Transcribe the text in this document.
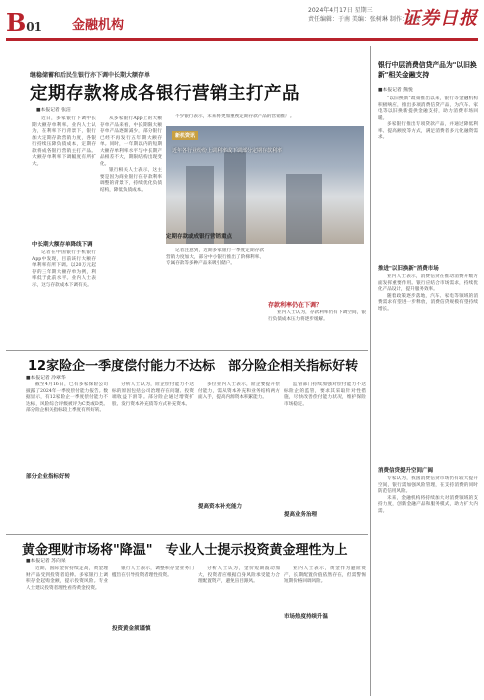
B01 金融机构
2024年4月17日 星期三
责任编辑：于南 美编：张树琳 制作：李波
证券日报
继稳储蓄和后民生银行亦下调中长期大额存单
定期存款将成各银行营销主打产品
■本报记者 张洁

近日，多家银行下调中长期大额存单利率。业内人士认为，在利率下行背景下，银行加大定期存款营销力度，各银行持续压降负债成本，定期存款将成各银行营销主打产品。大额存单利率下调幅度有所扩大。

中长期大额存单降线下调

记者在中国银行手机银行App中发现，目前该行大额存单利率有所下调。以20万元起存的三年期大额存单为例，利率低于此前水平。业内人士表示，这与存款成本下调有关。

从多家银行App上的大额存单产品来看，中长期限大额存单产品逐渐减少，部分银行已经不再发行五年期大额存单。同时，一年期以内的短期大额存单利率水平与中长期产品相差不大，期限结构出现变化。

银行相关人士表示，这主要是因为商业银行在存款利率调整的背景下，持续优化负债结构，降低负债成本。

新机资讯
近年各行业纷纷上调利率或下调部分定期存款利率

不少银行表示，未来将更加重视定期存款产品的营销推广。

记者注意到，近期多家银行一季度定期存款营销力度加大，部分中小银行推出了阶梯利率、专属存款等多种产品来吸引储户。

定期存款或成银行营销重点
存款利率仍在下调？

业内人士认为，存款利率仍有下调空间，银行负债成本压力将逐步缓解。

12家险企一季度偿付能力不达标　部分险企相关指标好转
■本报记者 冷翠华

截至4月16日，已有多家保险公司披露了2024年一季度偿付能力报告。数据显示，有12家险企一季度偿付能力不达标，风险综合评级被评为C类或D类。部分险企相关指标较上季度有所好转。

部分企业指标好转

分析人士认为，险企偿付能力不达标的原因包括公司治理存在问题、投资端收益下滑等。部分险企通过增资扩股、发行资本补充债等方式补充资本。

提高资本补充能力

多位业内人士表示，险企要提升偿付能力，需从资本补充和业务结构两方面入手，提高内源资本积累能力。

监管部门持续加强对偿付能力不达标险企的监管，要求其采取针对性措施，尽快改善偿付能力状况，维护保险市场稳定。

提高业务治理
黄金理财市场将"降温"　专业人士提示投资黄金理性为上
■本报记者 苏向杲

近期，国际金价持续走高，黄金理财产品受到投资者追捧。多家银行上调积存金起购金额，提示投资风险。专业人士建议投资者理性看待黄金投资。

投资黄金须谨慎

银行人士表示，调整积存金业务门槛旨在引导投资者理性投资。

分析人士认为，金价短期波动加大，投资者应根据自身风险承受能力合理配置资产，避免盲目跟风。

市场热度持续升温

业内人士表示，黄金作为避险资产，长期配置价值依然存在，但需警惕短期价格回调风险。

银行中层消费信贷产品为"以旧换新"相关金融支持
■本报记者 熊悦

"以旧换新"政策推出以来，银行等金融机构积极响应，推出多项消费信贷产品，为汽车、家电等以旧换新提供金融支持，助力消费市场回暖。

多家银行推出专项贷款产品，并通过降低利率、提高额度等方式，满足消费者多元化融资需求。

推进"以旧换新"消费市场

业内人士表示，消费信贷在推动消费升级方面发挥重要作用。银行应结合市场需求，持续优化产品设计，提升服务效率。

随着政策逐步落地，汽车、家电等领域的消费需求有望进一步释放，消费信贷规模有望持续增长。

消费信贷提升空间广阔

专家认为，我国消费信贷市场仍有较大提升空间，银行需加强风险管理，在支持消费的同时防范信用风险。

未来，金融机构将持续加大对消费领域的支持力度，创新金融产品和服务模式，助力扩大内需。
